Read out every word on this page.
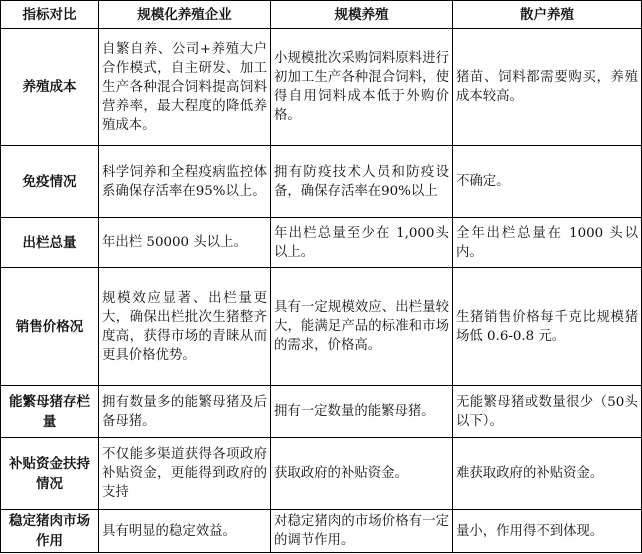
指标对比	规模化养殖企业	规模养殖	散户养殖
养殖成本	自繁自养、公司+养殖大户合作模式，自主研发、加工生产各种混合饲料提高饲料营养率，最大程度的降低养殖成本。	小规模批次采购饲料原料进行初加工生产各种混合饲料，使得自用饲料成本低于外购价格。	猪苗、饲料都需要购买，养殖成本较高。
免疫情况	科学饲养和全程疫病监控体系确保存活率在95%以上。	拥有防疫技术人员和防疫设备，确保存活率在90%以上	不确定。
出栏总量	年出栏 50000 头以上。	年出栏总量至少在 1,000头以上。	全年出栏总量在 1000 头以内。
销售价格况	规模效应显著、出栏量更大，确保出栏批次生猪整齐度高，获得市场的青睐从而更具价格优势。	具有一定规模效应、出栏量较大，能满足产品的标准和市场的需求，价格高。	生猪销售价格每千克比规模猪场低 0.6-0.8 元。
能繁母猪存栏量	拥有数量多的能繁母猪及后备母猪。	拥有一定数量的能繁母猪。	无能繁母猪或数量很少（50头以下）。
补贴资金扶持情况	不仅能多渠道获得各项政府补贴资金，更能得到政府的支持	获取政府的补贴资金。	难获取政府的补贴资金。
稳定猪肉市场作用	具有明显的稳定效益。	对稳定猪肉的市场价格有一定的调节作用。	量小，作用得不到体现。
